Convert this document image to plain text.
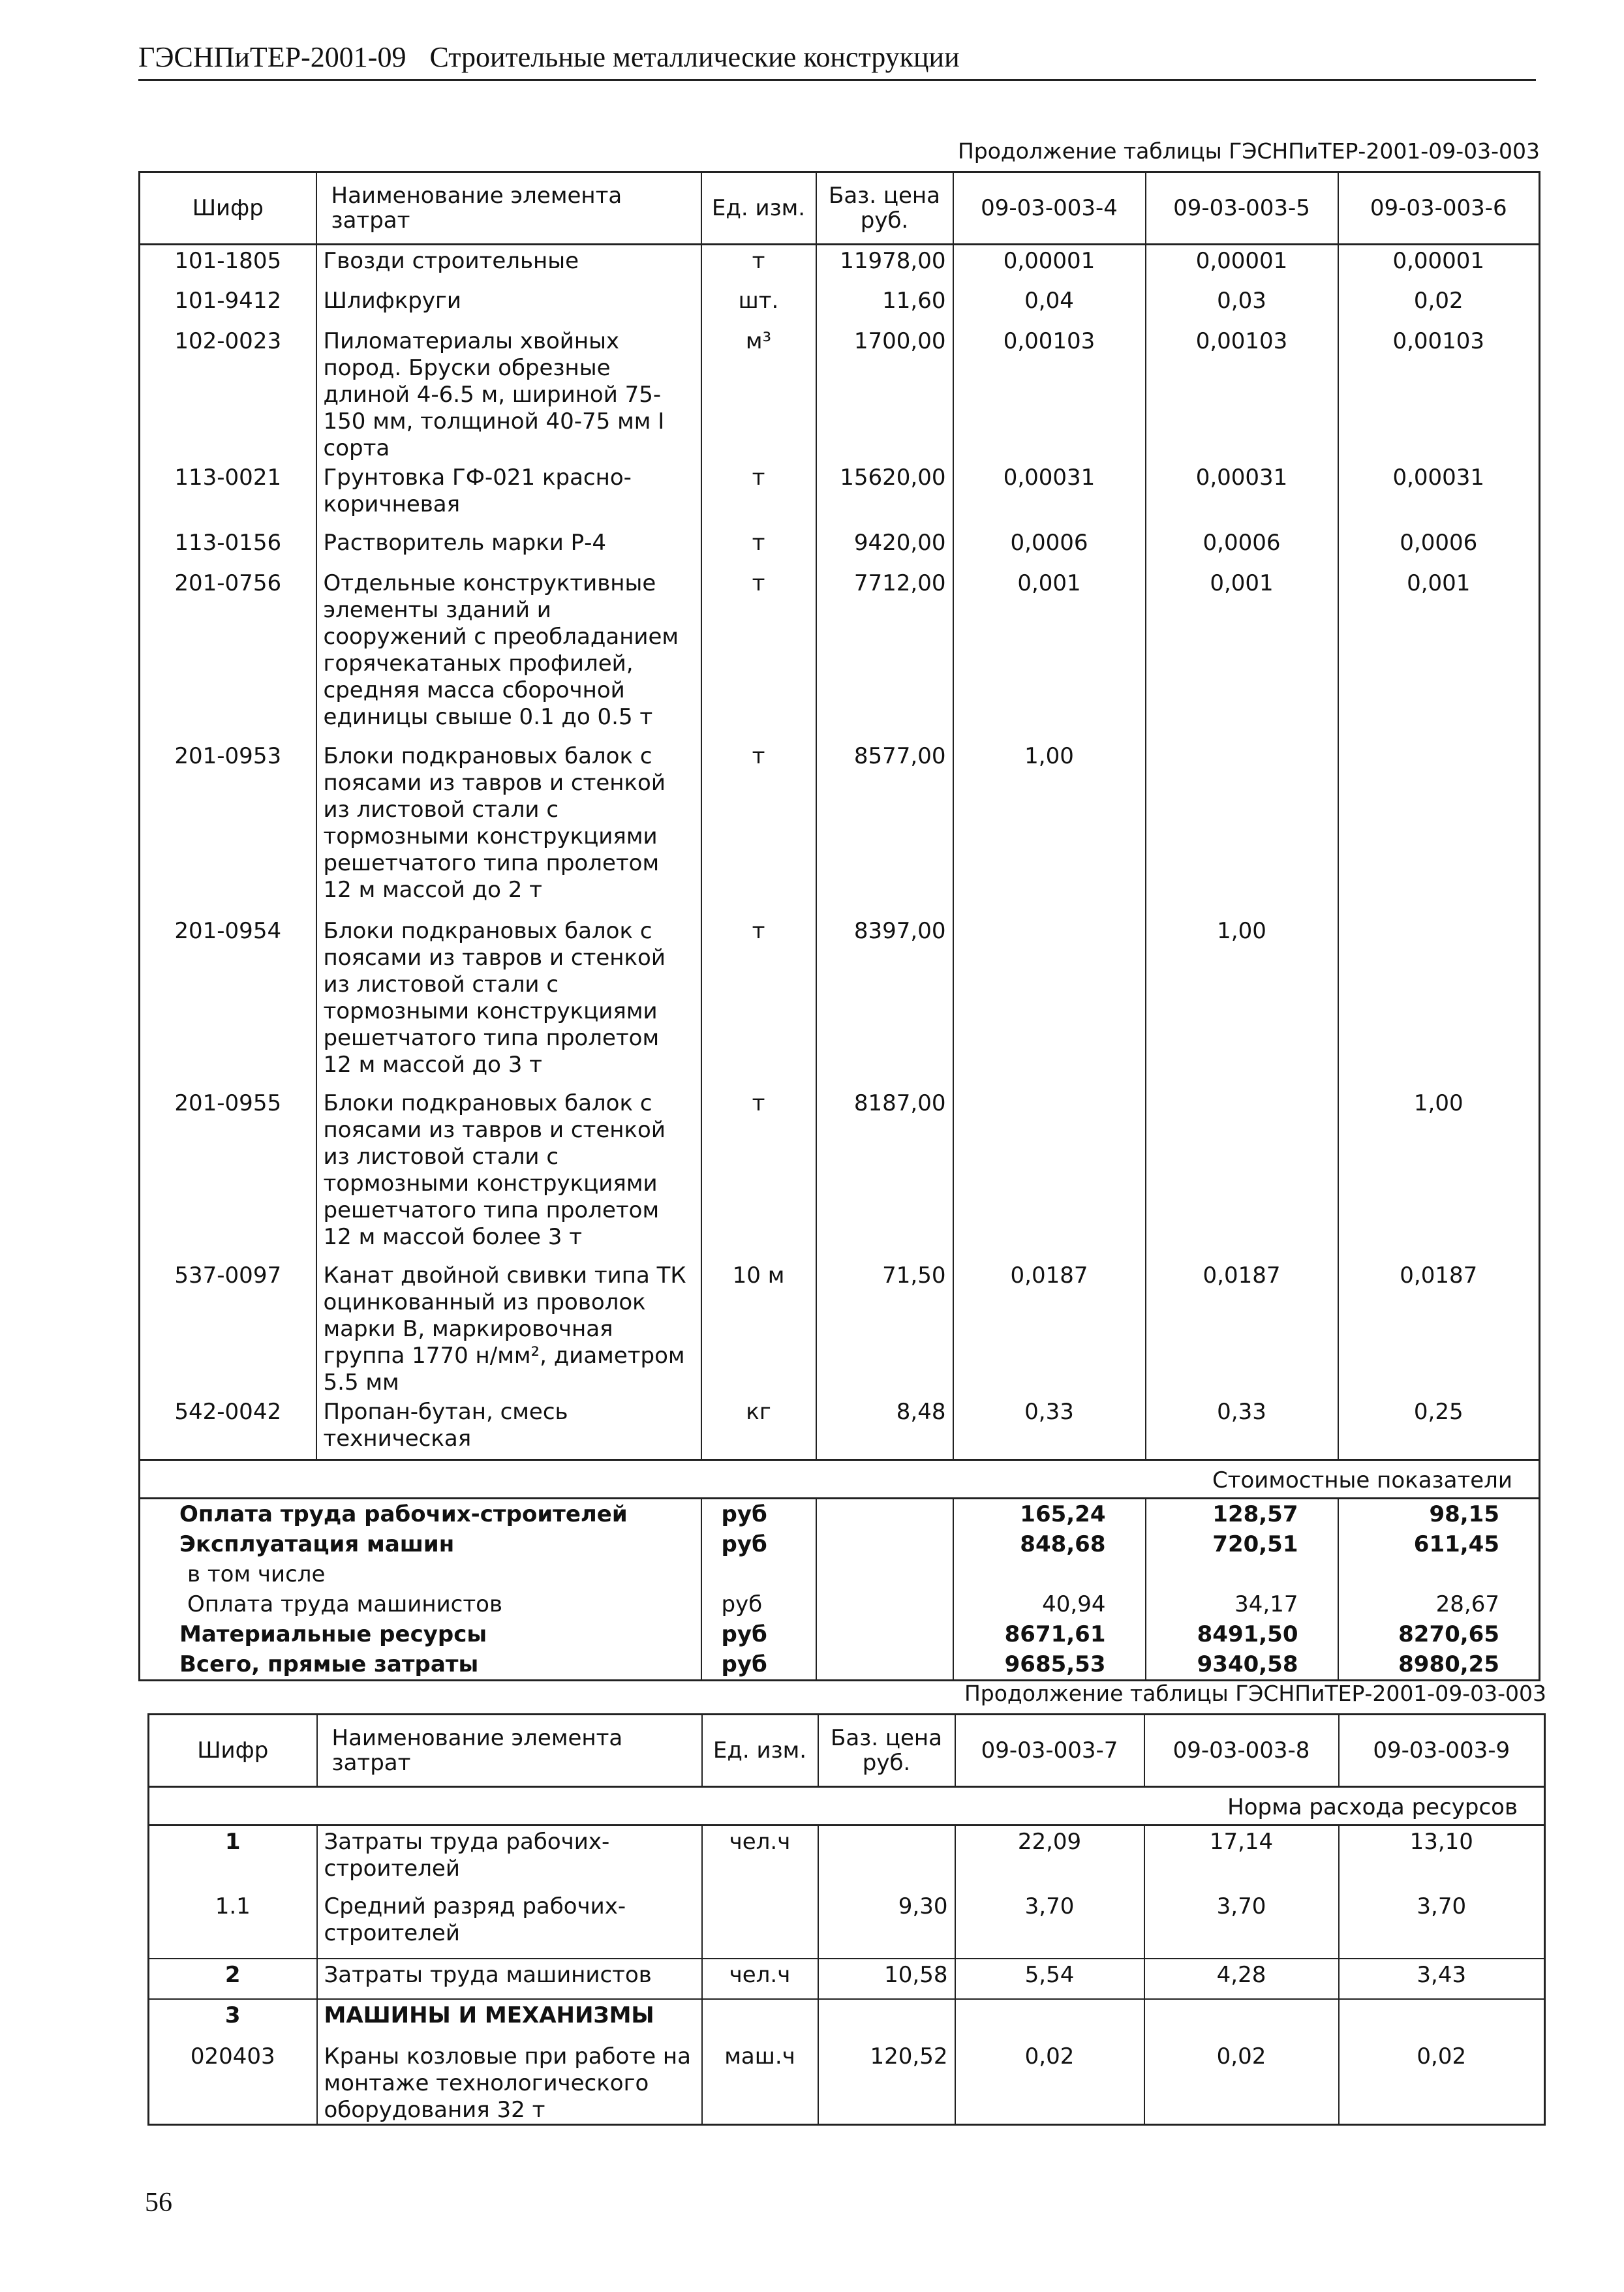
ГЭСНПиТЕР-2001-09 Строительные металлические конструкции
Продолжение таблицы ГЭСНПиТЕР-2001-09-03-003
Шифр	Наименование элемента затрат	Ед. изм.	Баз. цена руб.	09-03-003-4	09-03-003-5	09-03-003-6
101-1805	Гвозди строительные	т	11978,00	0,00001	0,00001	0,00001
101-9412	Шлифкруги	шт.	11,60	0,04	0,03	0,02
102-0023	Пиломатериалы хвойных пород. Бруски обрезные длиной 4-6.5 м, шириной 75-150 мм, толщиной 40-75 мм I сорта	м³	1700,00	0,00103	0,00103	0,00103
113-0021	Грунтовка ГФ-021 красно-коричневая	т	15620,00	0,00031	0,00031	0,00031
113-0156	Растворитель марки Р-4	т	9420,00	0,0006	0,0006	0,0006
201-0756	Отдельные конструктивные элементы зданий и сооружений с преобладанием горячекатаных профилей, средняя масса сборочной единицы свыше 0.1 до 0.5 т	т	7712,00	0,001	0,001	0,001
201-0953	Блоки подкрановых балок с поясами из тавров и стенкой из листовой стали с тормозными конструкциями решетчатого типа пролетом 12 м массой до 2 т	т	8577,00	1,00		
201-0954	Блоки подкрановых балок с поясами из тавров и стенкой из листовой стали с тормозными конструкциями решетчатого типа пролетом 12 м массой до 3 т	т	8397,00		1,00	
201-0955	Блоки подкрановых балок с поясами из тавров и стенкой из листовой стали с тормозными конструкциями решетчатого типа пролетом 12 м массой более 3 т	т	8187,00			1,00
537-0097	Канат двойной свивки типа ТК оцинкованный из проволок марки В, маркировочная группа 1770 н/мм², диаметром 5.5 мм	10 м	71,50	0,0187	0,0187	0,0187
542-0042	Пропан-бутан, смесь техническая	кг	8,48	0,33	0,33	0,25
Стоимостные показатели						
Оплата труда рабочих-строителей		руб		165,24	128,57	98,15
Эксплуатация машин		руб		848,68	720,51	611,45
в том числе						
Оплата труда машинистов		руб		40,94	34,17	28,67
Материальные ресурсы		руб		8671,61	8491,50	8270,65
Всего, прямые затраты		руб		9685,53	9340,58	8980,25
Продолжение таблицы ГЭСНПиТЕР-2001-09-03-003
Шифр	Наименование элемента затрат	Ед. изм.	Баз. цена руб.	09-03-003-7	09-03-003-8	09-03-003-9
Норма расхода ресурсов						
1	Затраты труда рабочих-строителей	чел.ч		22,09	17,14	13,10
1.1	Средний разряд рабочих-строителей		9,30	3,70	3,70	3,70
2	Затраты труда машинистов	чел.ч	10,58	5,54	4,28	3,43
3	МАШИНЫ И МЕХАНИЗМЫ					
020403	Краны козловые при работе на монтаже технологического оборудования 32 т	маш.ч	120,52	0,02	0,02	0,02
56
